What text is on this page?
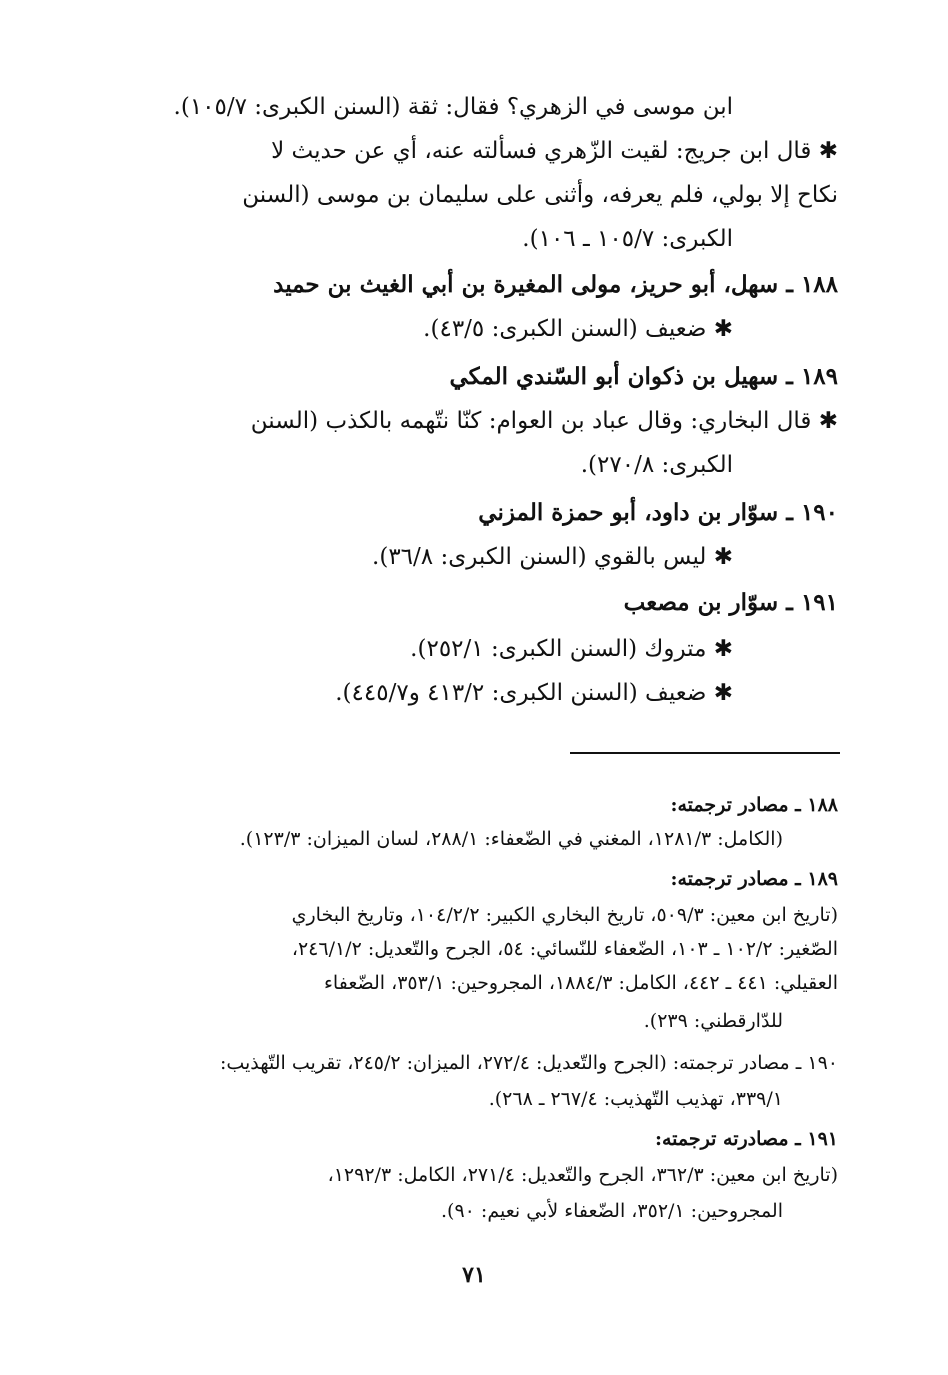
ابن موسى في الزهري؟ فقال: ثقة (السنن الكبرى: ١٠٥/٧).
✱ قال ابن جريج: لقيت الزّهري فسألته عنه، أي عن حديث لا
نكاح إلا بولي، فلم يعرفه، وأثنى على سليمان بن موسى (السنن
الكبرى: ١٠٥/٧ ـ ١٠٦).
١٨٨ ـ سهل، أبو حريز، مولى المغيرة بن أبي الغيث بن حميد
✱ ضعيف (السنن الكبرى: ٤٣/٥).
١٨٩ ـ سهيل بن ذكوان أبو السّندي المكي
✱ قال البخاري: وقال عباد بن العوام: كنّا نتّهمه بالكذب (السنن
الكبرى: ٢٧٠/٨).
١٩٠ ـ سوّار بن داود، أبو حمزة المزني
✱ ليس بالقوي (السنن الكبرى: ٣٦/٨).
١٩١ ـ سوّار بن مصعب
✱ متروك (السنن الكبرى: ٢٥٢/١).
✱ ضعيف (السنن الكبرى: ٤١٣/٢ و٤٤٥/٧).
١٨٨ ـ مصادر ترجمته:
(الكامل: ١٢٨١/٣، المغني في الضّعفاء: ٢٨٨/١، لسان الميزان: ١٢٣/٣).
١٨٩ ـ مصادر ترجمته:
(تاريخ ابن معين: ٥٠٩/٣، تاريخ البخاري الكبير: ١٠٤/٢/٢، وتاريخ البخاري
الصّغير: ١٠٢/٢ ـ ١٠٣، الضّعفاء للنّسائي: ٥٤، الجرح والتّعديل: ٢٤٦/١/٢،
العقيلي: ٤٤١ ـ ٤٤٢، الكامل: ١٨٨٤/٣، المجروحين: ٣٥٣/١، الضّعفاء
للدّارقطني: ٢٣٩).
١٩٠ ـ مصادر ترجمته: (الجرح والتّعديل: ٢٧٢/٤، الميزان: ٢٤٥/٢، تقريب التّهذيب:
٣٣٩/١، تهذيب التّهذيب: ٢٦٧/٤ ـ ٢٦٨).
١٩١ ـ مصادرته ترجمته:
(تاريخ ابن معين: ٣٦٢/٣، الجرح والتّعديل: ٢٧١/٤، الكامل: ١٢٩٢/٣،
المجروحين: ٣٥٢/١، الضّعفاء لأبي نعيم: ٩٠).
٧١
